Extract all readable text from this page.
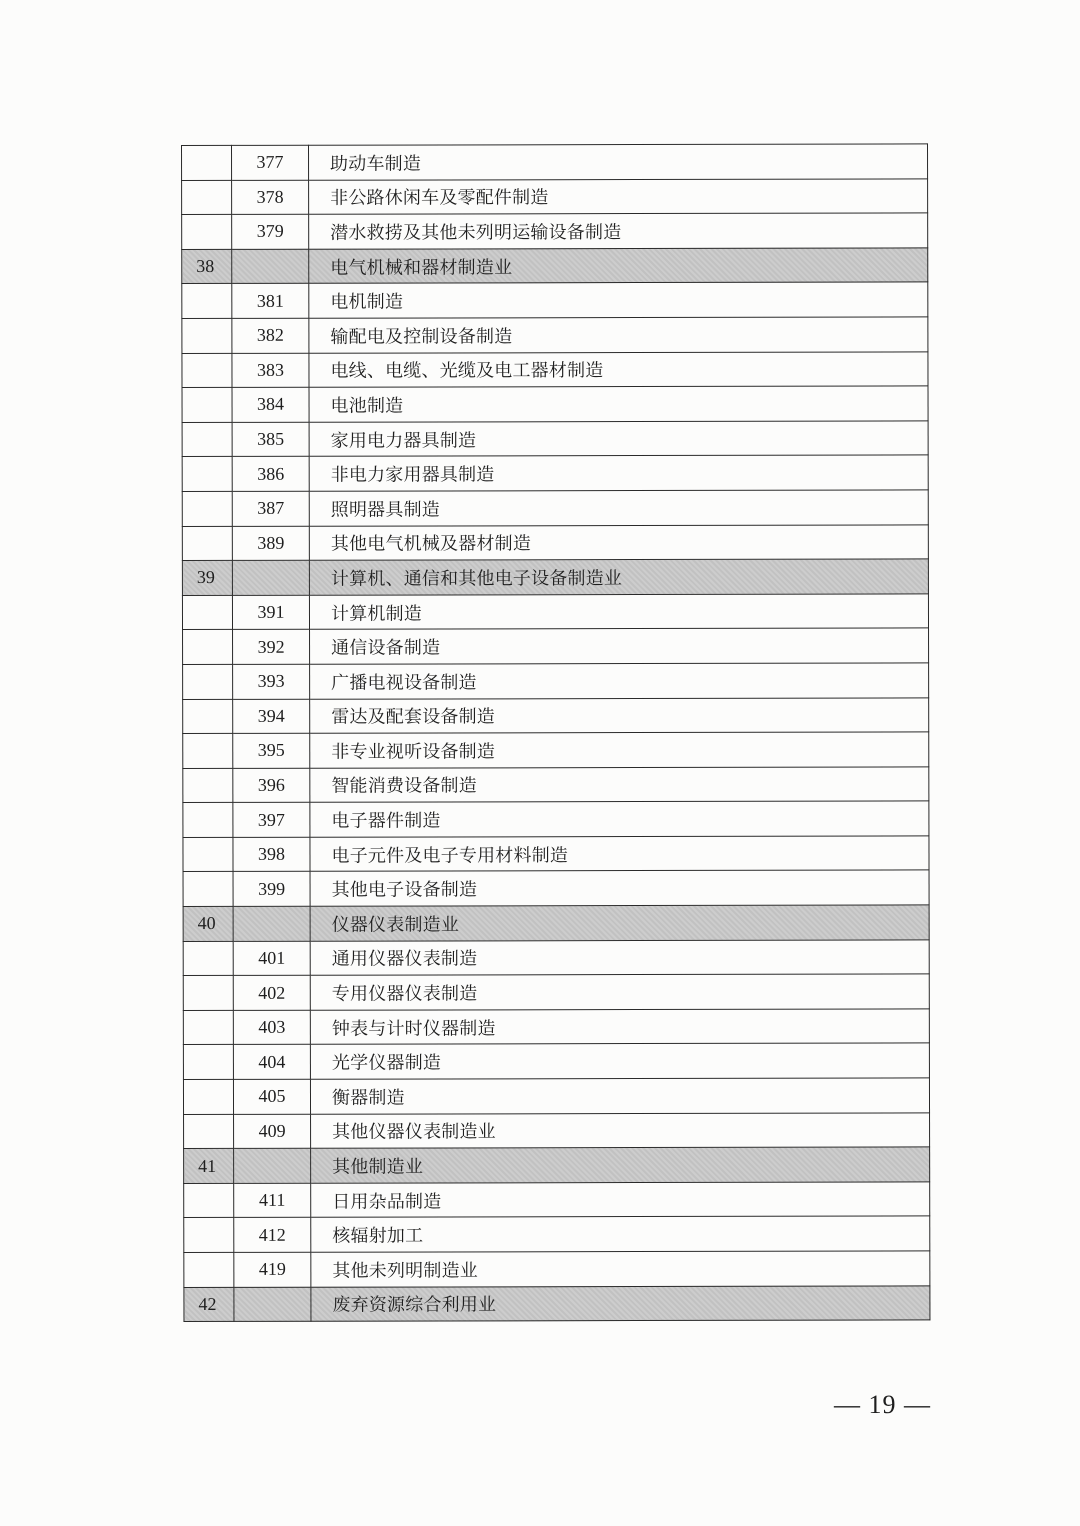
	377	助动车制造
	378	非公路休闲车及零配件制造
	379	潜水救捞及其他未列明运输设备制造
38		电气机械和器材制造业
	381	电机制造
	382	输配电及控制设备制造
	383	电线、电缆、光缆及电工器材制造
	384	电池制造
	385	家用电力器具制造
	386	非电力家用器具制造
	387	照明器具制造
	389	其他电气机械及器材制造
39		计算机、通信和其他电子设备制造业
	391	计算机制造
	392	通信设备制造
	393	广播电视设备制造
	394	雷达及配套设备制造
	395	非专业视听设备制造
	396	智能消费设备制造
	397	电子器件制造
	398	电子元件及电子专用材料制造
	399	其他电子设备制造
40		仪器仪表制造业
	401	通用仪器仪表制造
	402	专用仪器仪表制造
	403	钟表与计时仪器制造
	404	光学仪器制造
	405	衡器制造
	409	其他仪器仪表制造业
41		其他制造业
	411	日用杂品制造
	412	核辐射加工
	419	其他未列明制造业
42		废弃资源综合利用业
— 19 —
